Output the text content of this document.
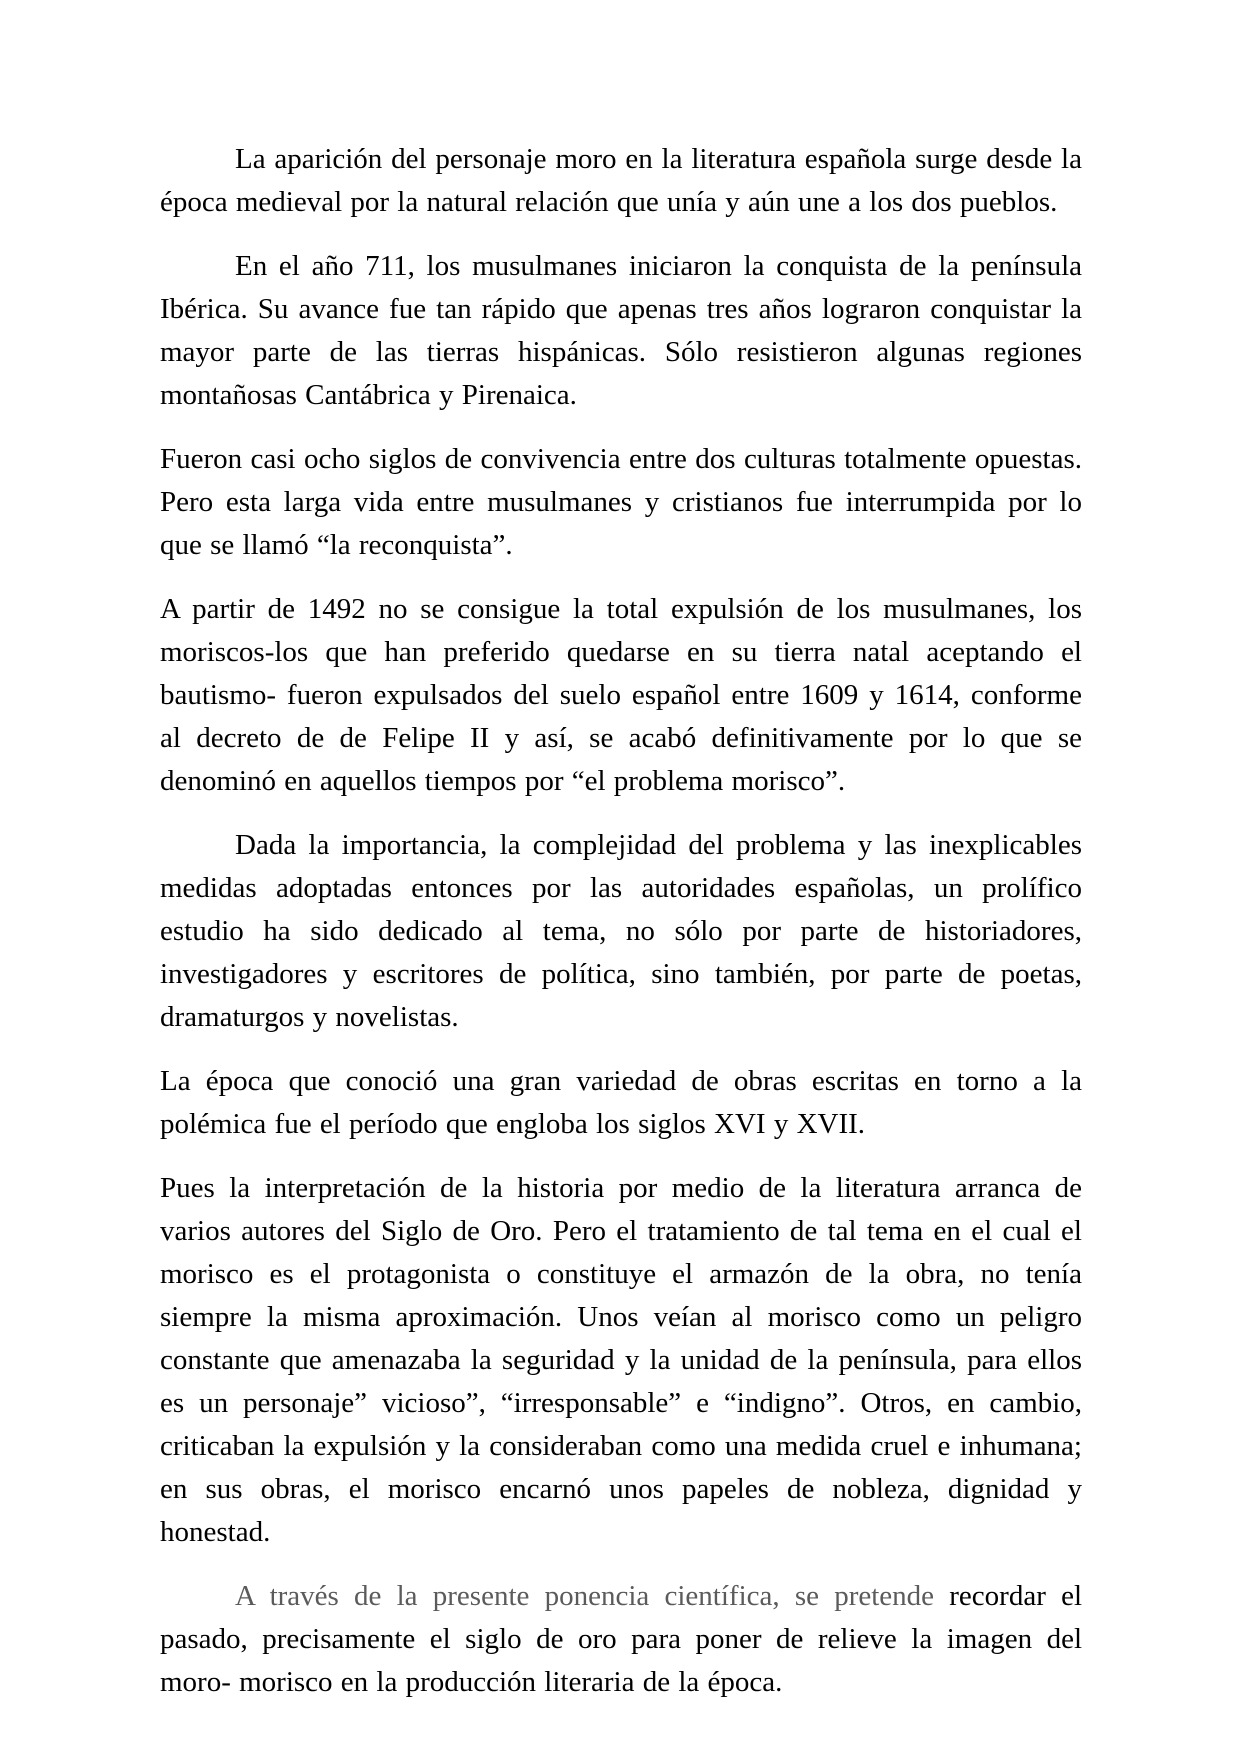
La aparición del personaje moro en la literatura española surge desde la época medieval por la natural relación que unía y aún une a los dos pueblos.

En el año 711, los musulmanes iniciaron la conquista de la península Ibérica. Su avance fue tan rápido que apenas tres años lograron conquistar la mayor parte de las tierras hispánicas. Sólo resistieron algunas regiones montañosas Cantábrica y Pirenaica.

Fueron casi ocho siglos de convivencia entre dos culturas totalmente opuestas. Pero esta larga vida entre musulmanes y cristianos fue interrumpida por lo que se llamó “la reconquista”.

A partir de 1492 no se consigue la total expulsión de los musulmanes, los moriscos-los que han preferido quedarse en su tierra natal aceptando el bautismo- fueron expulsados del suelo español entre 1609 y 1614, conforme al decreto de de Felipe II y así, se acabó definitivamente por lo que se denominó en aquellos tiempos por “el problema morisco”.

Dada la importancia, la complejidad del problema y las inexplicables medidas adoptadas entonces por las autoridades españolas, un prolífico estudio ha sido dedicado al tema, no sólo por parte de historiadores, investigadores y escritores de política, sino también, por parte de poetas, dramaturgos y novelistas.

La época que conoció una gran variedad de obras escritas en torno a la polémica fue el período que engloba los siglos XVI y XVII.

Pues la interpretación de la historia por medio de la literatura arranca de varios autores del Siglo de Oro. Pero el tratamiento de tal tema en el cual el morisco es el protagonista o constituye el armazón de la obra, no tenía siempre la misma aproximación. Unos veían al morisco como un peligro constante que amenazaba la seguridad y la unidad de la península, para ellos es un personaje” vicioso”, “irresponsable” e “indigno”. Otros, en cambio, criticaban la expulsión y la consideraban como una medida cruel e inhumana; en sus obras, el morisco encarnó unos papeles de nobleza, dignidad y honestad.

A través de la presente ponencia científica, se pretende recordar el pasado, precisamente el siglo de oro para poner de relieve la imagen del moro- morisco en la producción literaria de la época.
